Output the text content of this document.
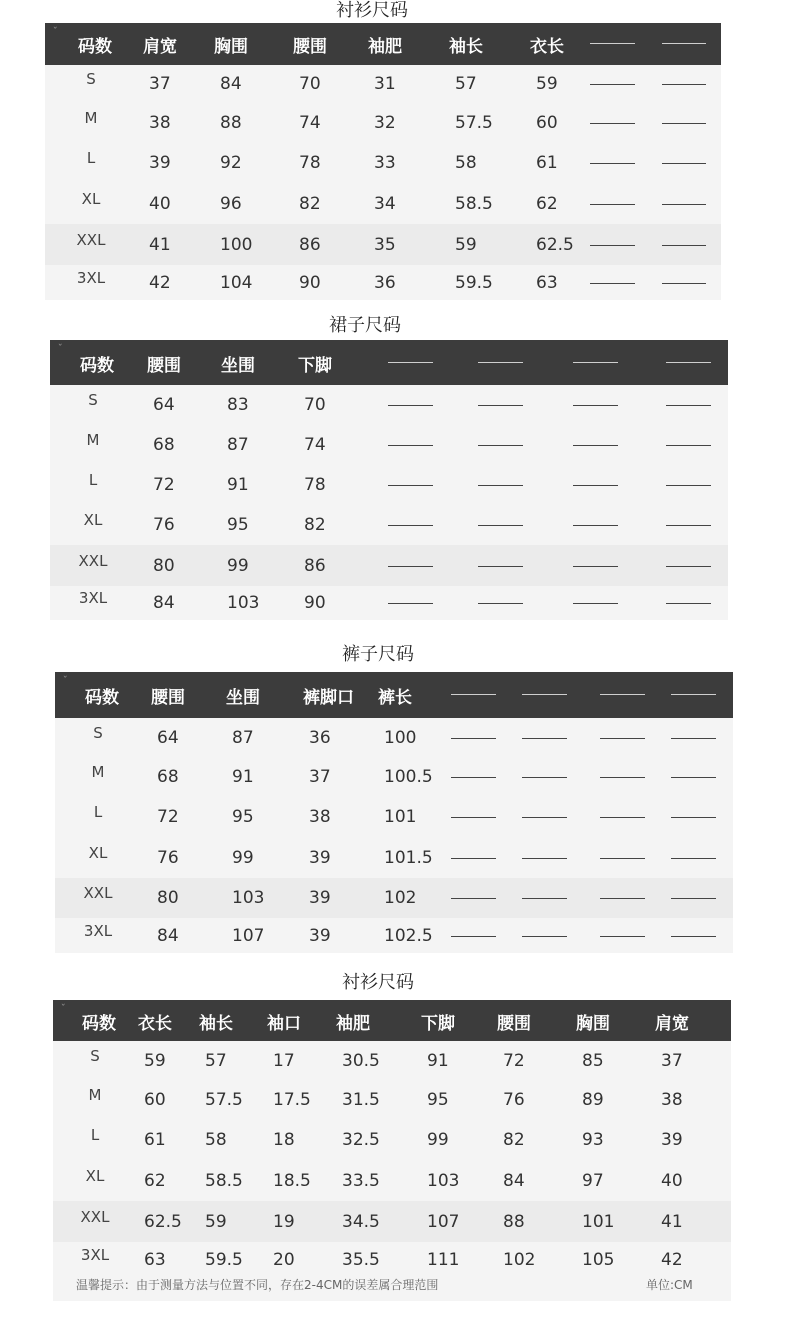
衬衫尺码
ˇ
码数 肩宽 胸围	腰围 袖肥	袖长	衣长
S	37	84	70	31	57	59
M	38	88	74	32	57.5	60
L	39	92	78	33	58	61
XL	40	96	82	34	58.5	62
XXL	41	100	86	35	59	62.5
3XL	42	104	90	36	59.5	63
裙子尺码
ˇ
码数 腰围 坐围	下脚
S	64	83	70
M	68	87	74
L	72	91	78
XL	76	95	82
XXL	80	99	86
3XL	84	103	90
裤子尺码
ˇ
码数 腰围 坐围	裤脚口 裤长
S	64	87	36	100
M	68	91	37	100.5
L	72	95	38	101
XL	76	99	39	101.5
XXL	80	103	39	102
3XL	84	107	39	102.5
衬衫尺码
ˇ
码数 衣长 袖长 袖口 袖肥	下脚 腰围	胸围	肩宽
S	59 57	17	30.5	91	72	85	37
M	60 57.5 17.5 31.5	95	76	89	38
L	61 58	18	32.5	99	82	93	39
XL	62 58.5 18.5 33.5	103	84	97	40
XXL 62.5 59	19	34.5	107	88	101	41
3XL 63 59.5 20	35.5	111	102	105	42
温馨提示：由于测量方法与位置不同，存在2-4CM的误差属合理范围	单位:CM
